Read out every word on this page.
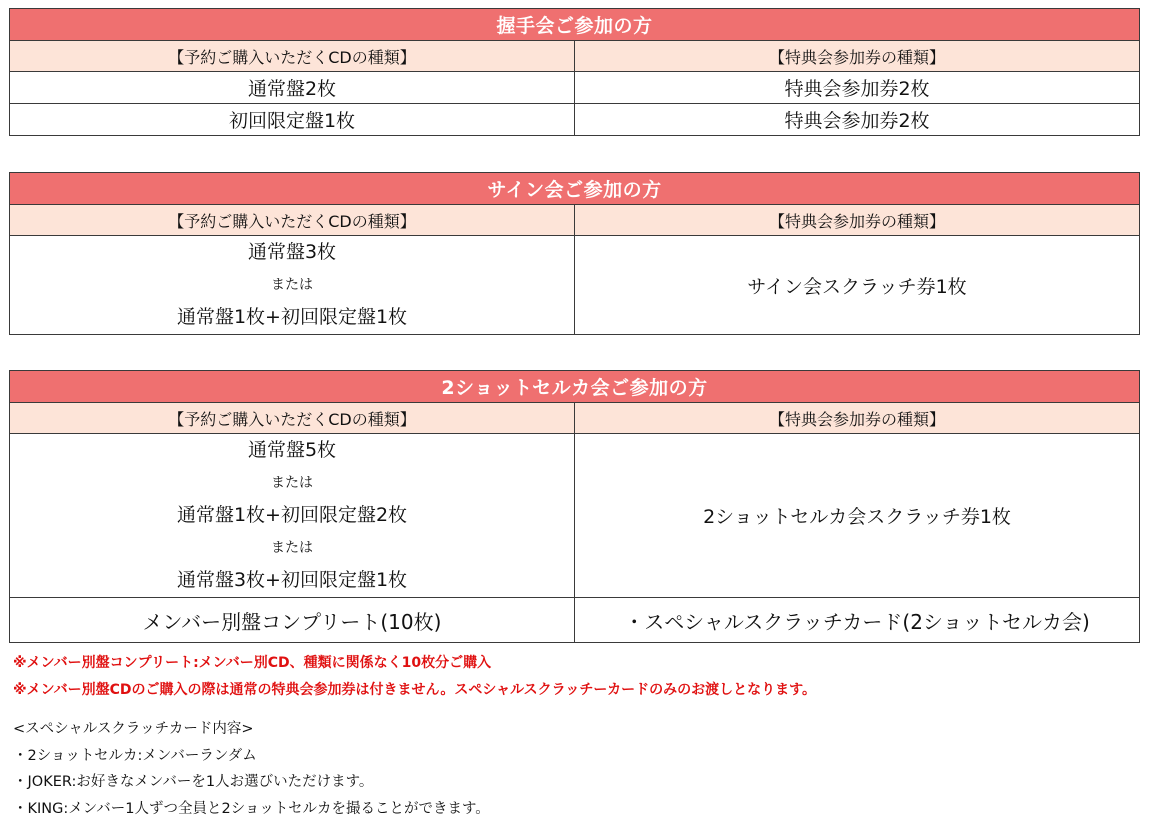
握手会ご参加の方	
【予約ご購入いただくCDの種類】	【特典会参加券の種類】
通常盤2枚	特典会参加券2枚
初回限定盤1枚	特典会参加券2枚
サイン会ご参加の方	
【予約ご購入いただくCDの種類】	【特典会参加券の種類】

通常盤3枚
または
通常盤1枚+初回限定盤1枚	サイン会スクラッチ券1枚
2ショットセルカ会ご参加の方	
【予約ご購入いただくCDの種類】	【特典会参加券の種類】

通常盤5枚
または
通常盤1枚+初回限定盤2枚
または
通常盤3枚+初回限定盤1枚	2ショットセルカ会スクラッチ券1枚
メンバー別盤コンプリート(10枚)	・スペシャルスクラッチカード(2ショットセルカ会)
※メンバー別盤コンプリート:メンバー別CD、種類に関係なく10枚分ご購入
※メンバー別盤CDのご購入の際は通常の特典会参加券は付きません。スペシャルスクラッチーカードのみのお渡しとなります。
<スペシャルスクラッチカード内容>
・2ショットセルカ:メンバーランダム
・JOKER:お好きなメンバーを1人お選びいただけます。
・KING:メンバー1人ずつ全員と2ショットセルカを撮ることができます。
